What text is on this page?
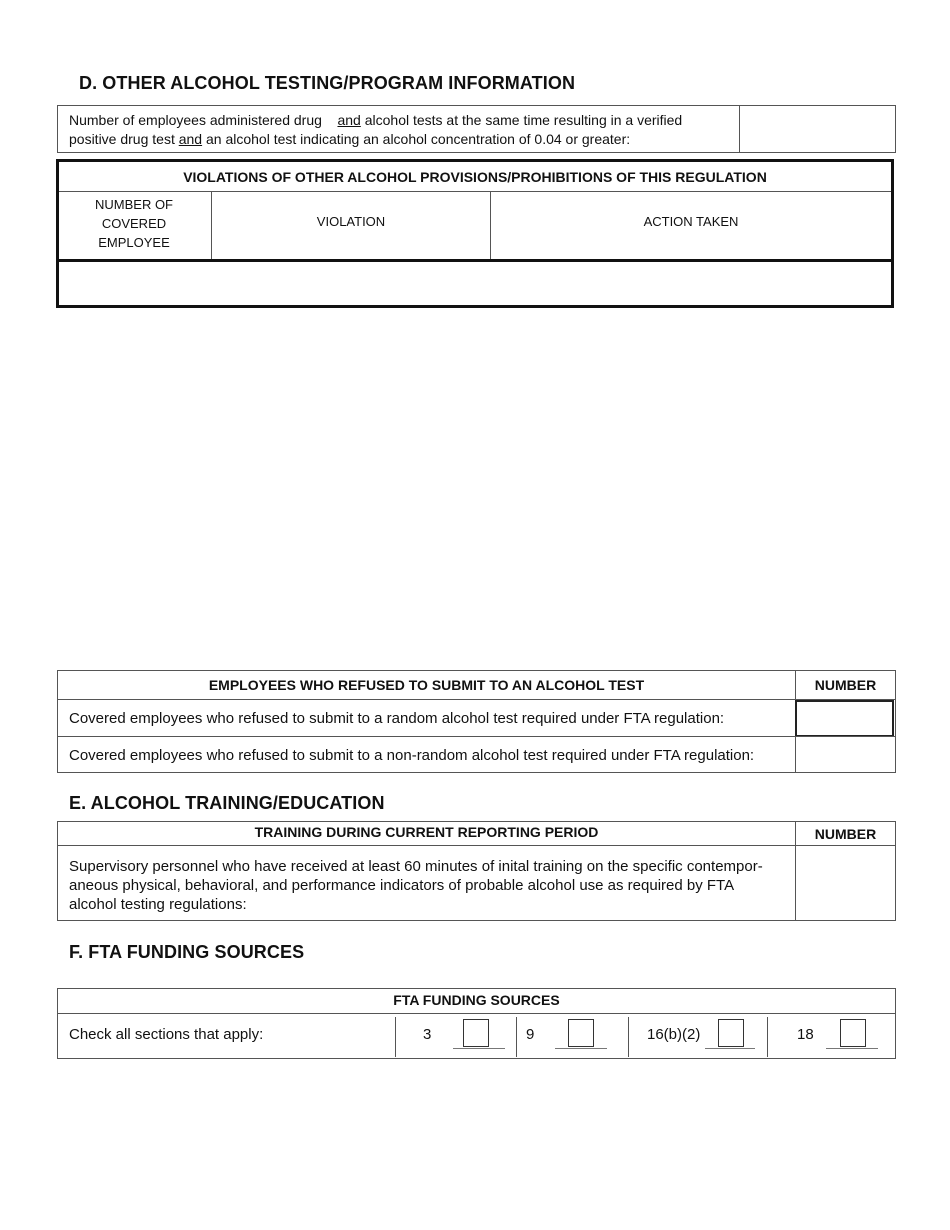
D. OTHER ALCOHOL TESTING/PROGRAM INFORMATION
Number of employees administered drug and alcohol tests at the same time resulting in a verified
positive drug test and an alcohol test indicating an alcohol concentration of 0.04 or greater:
VIOLATIONS OF OTHER ALCOHOL PROVISIONS/PROHIBITIONS OF THIS REGULATION
NUMBER OF
COVERED
EMPLOYEE
VIOLATION	ACTION TAKEN
EMPLOYEES WHO REFUSED TO SUBMIT TO AN ALCOHOL TEST	NUMBER
Covered employees who refused to submit to a random alcohol test required under FTA regulation:
Covered employees who refused to submit to a non-random alcohol test required under FTA regulation:
E. ALCOHOL TRAINING/EDUCATION
TRAINING DURING CURRENT REPORTING PERIOD	NUMBER
Supervisory personnel who have received at least 60 minutes of inital training on the specific contempor-
aneous physical, behavioral, and performance indicators of probable alcohol use as required by FTA
alcohol testing regulations:
F. FTA FUNDING SOURCES
FTA FUNDING SOURCES
Check all sections that apply:	3	9	16(b)(2)	18
